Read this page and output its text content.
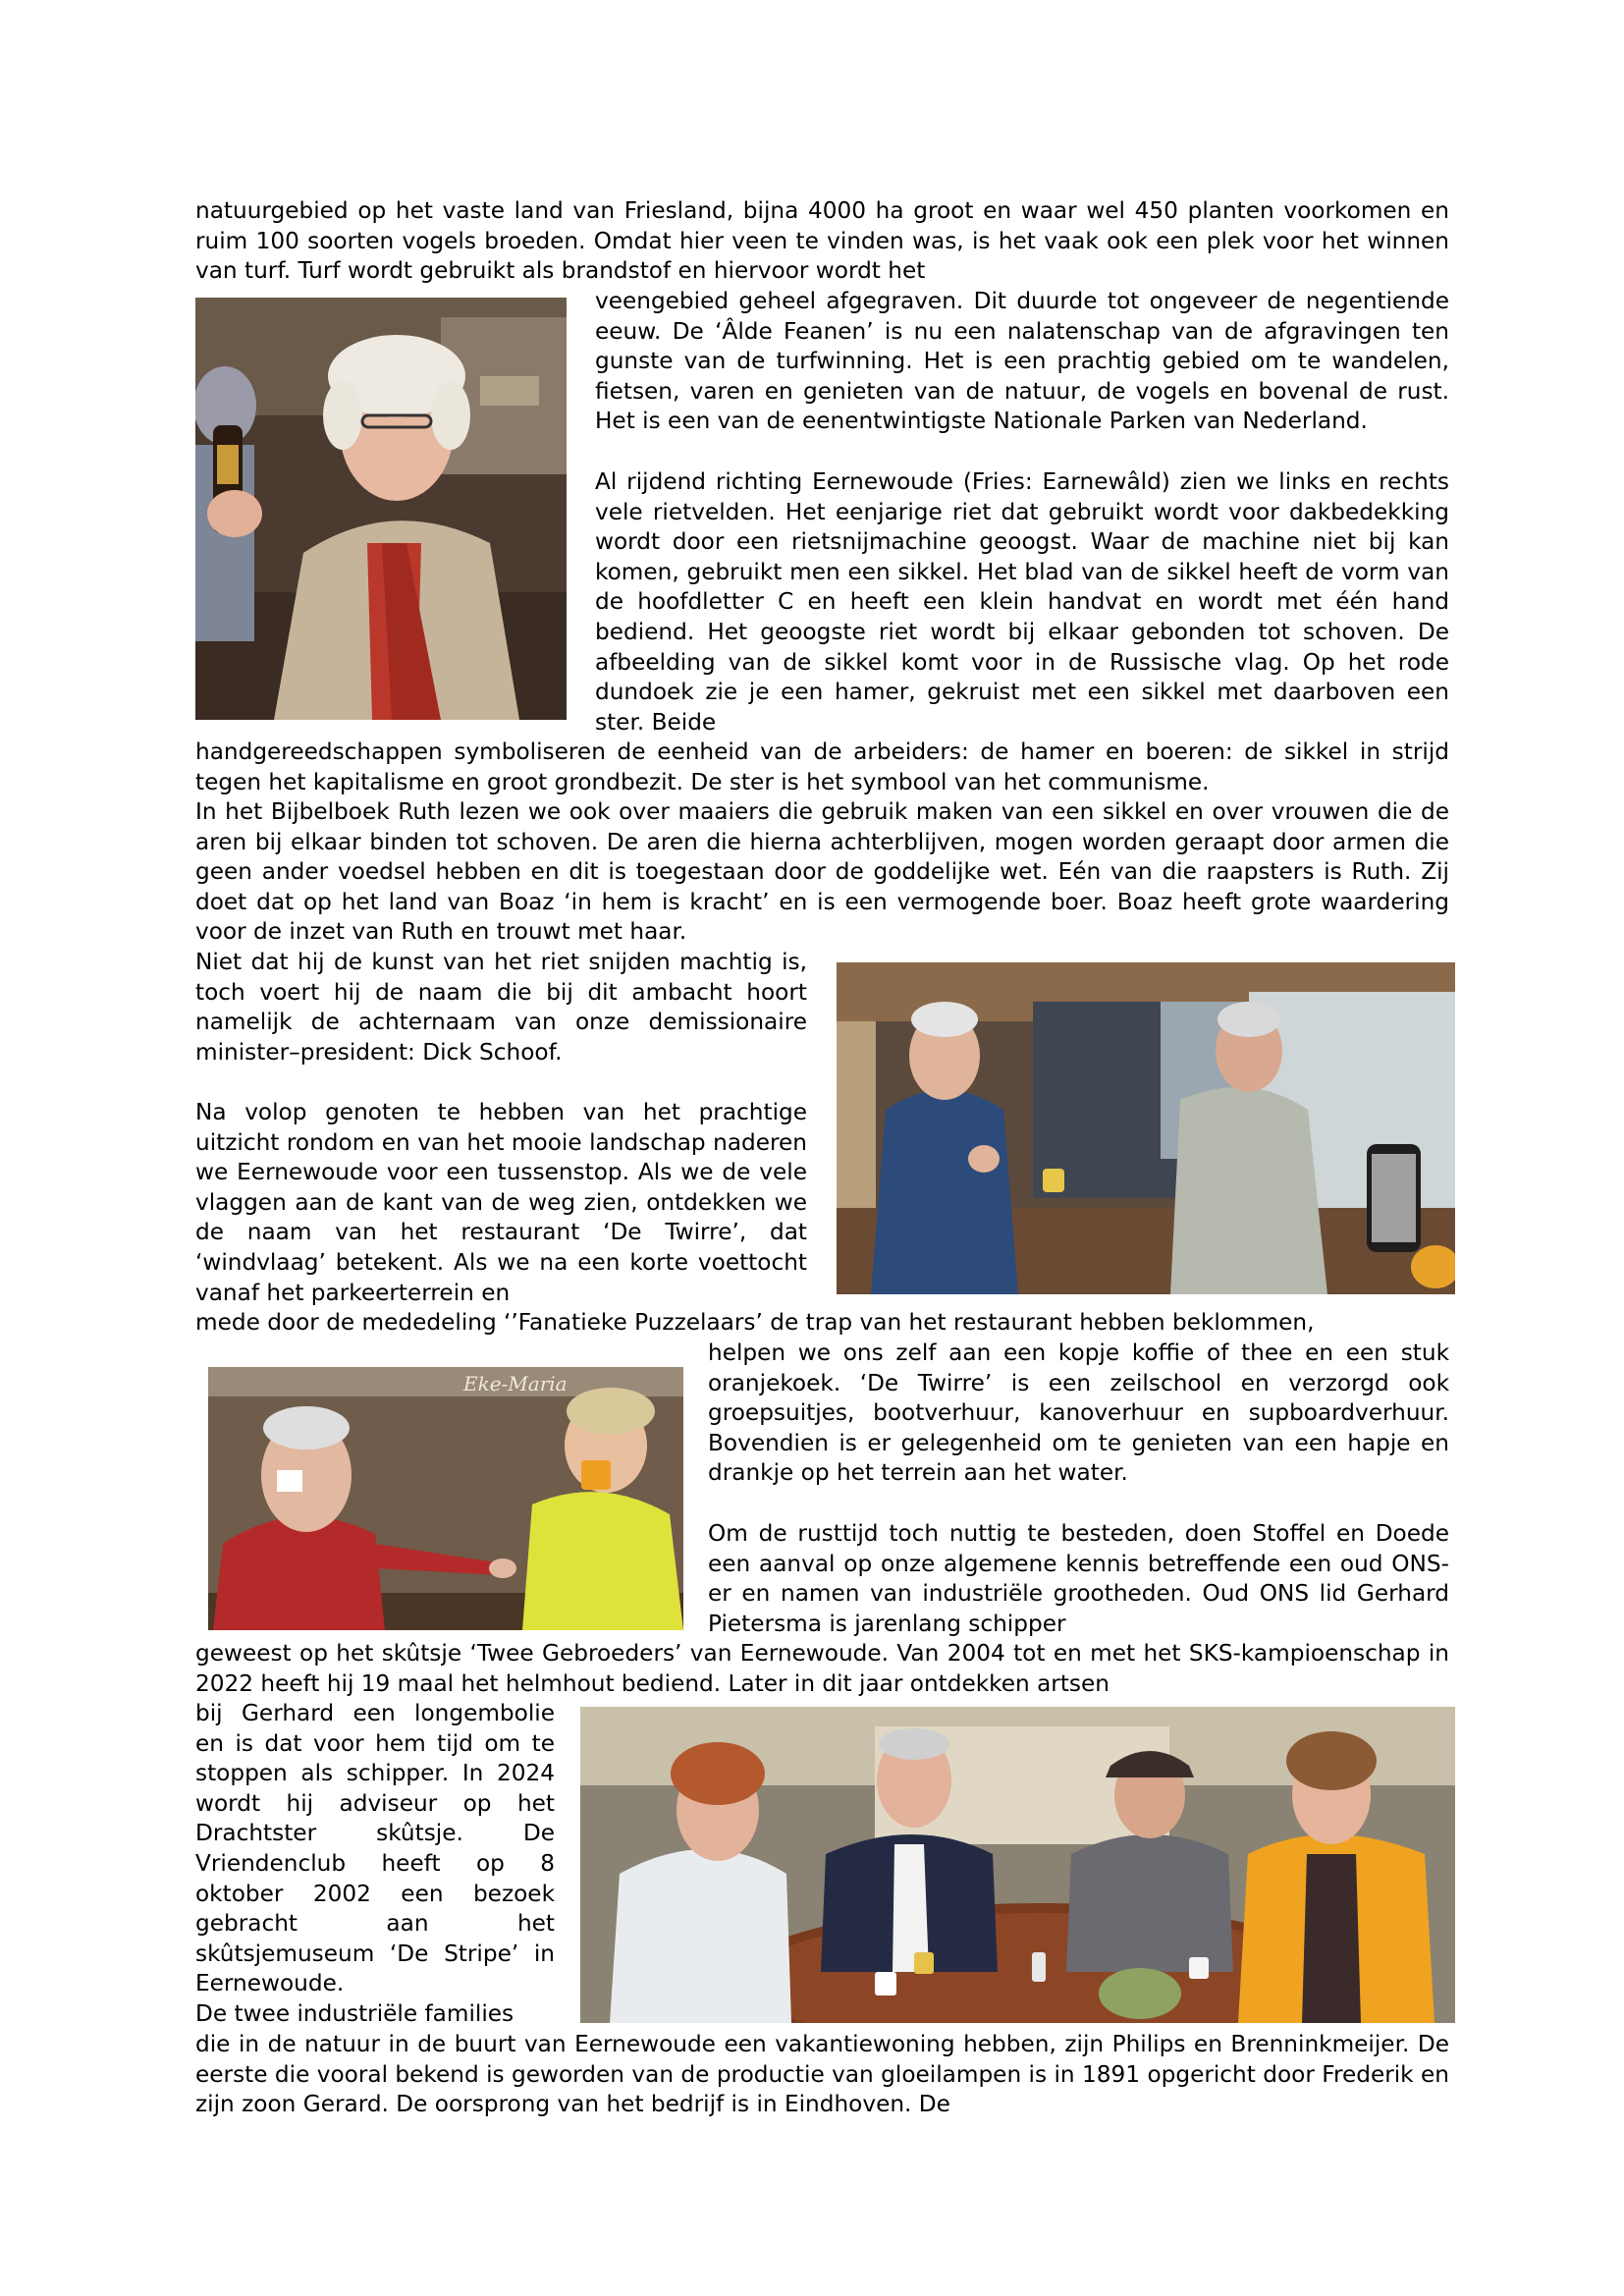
natuurgebied op het vaste land van Friesland, bijna 4000 ha groot en waar wel 450 planten voorkomen en ruim 100 soorten vogels broeden. Omdat hier veen te vinden was, is het vaak ook een plek voor het winnen van turf. Turf wordt gebruikt als brandstof en hiervoor wordt het

veengebied geheel afgegraven. Dit duurde tot ongeveer de negentiende eeuw. De ‘Âlde Feanen’ is nu een nalatenschap van de afgravingen ten gunste van de turfwinning. Het is een prachtig gebied om te wandelen, fietsen, varen en genieten van de natuur, de vogels en bovenal de rust. Het is een van de eenentwintigste Nationale Parken van Nederland.

Al rijdend richting Eernewoude (Fries: Earnewâld) zien we links en rechts vele rietvelden. Het eenjarige riet dat gebruikt wordt voor dakbedekking wordt door een rietsnijmachine geoogst. Waar de machine niet bij kan komen, gebruikt men een sikkel. Het blad van de sikkel heeft de vorm van de hoofdletter C en heeft een klein handvat en wordt met één hand bediend. Het geoogste riet wordt bij elkaar gebonden tot schoven. De afbeelding van de sikkel komt voor in de Russische vlag. Op het rode dundoek zie je een hamer, gekruist met een sikkel met daarboven een ster. Beide

handgereedschappen symboliseren de eenheid van de arbeiders: de hamer en boeren: de sikkel in strijd tegen het kapitalisme en groot grondbezit. De ster is het symbool van het communisme.

In het Bijbelboek Ruth lezen we ook over maaiers die gebruik maken van een sikkel en over vrouwen die de aren bij elkaar binden tot schoven. De aren die hierna achterblijven, mogen worden geraapt door armen die geen ander voedsel hebben en dit is toegestaan door de goddelijke wet. Eén van die raapsters is Ruth. Zij doet dat op het land van Boaz ‘in hem is kracht’ en is een vermogende boer. Boaz heeft grote waardering voor de inzet van Ruth en trouwt met haar.

Niet dat hij de kunst van het riet snijden machtig is, toch voert hij de naam die bij dit ambacht hoort namelijk de achternaam van onze demissionaire minister–president: Dick Schoof.

Na volop genoten te hebben van het prachtige uitzicht rondom en van het mooie landschap naderen we Eernewoude voor een tussenstop. Als we de vele vlaggen aan de kant van de weg zien, ontdekken we de naam van het restaurant ‘De Twirre’, dat ‘windvlaag’ betekent. Als we na een korte voettocht vanaf het parkeerterrein en

mede door de mededeling ‘’Fanatieke Puzzelaars’ de trap van het restaurant hebben beklommen,

helpen we ons zelf aan een kopje koffie of thee en een stuk oranjekoek. ‘De Twirre’ is een zeilschool en verzorgd ook groepsuitjes, bootverhuur, kanoverhuur en supboardverhuur. Bovendien is er gelegenheid om te genieten van een hapje en drankje op het terrein aan het water.

Om de rusttijd toch nuttig te besteden, doen Stoffel en Doede een aanval op onze algemene kennis betreffende een oud ONS-er en namen van industriële grootheden. Oud ONS lid Gerhard Pietersma is jarenlang schipper

geweest op het skûtsje ‘Twee Gebroeders’ van Eernewoude. Van 2004 tot en met het SKS-kampioenschap in 2022 heeft hij 19 maal het helmhout bediend. Later in dit jaar ontdekken artsen

bij Gerhard een longembolie en is dat voor hem tijd om te stoppen als schipper. In 2024 wordt hij adviseur op het Drachtster skûtsje. De Vriendenclub heeft op 8 oktober 2002 een bezoek gebracht aan het skûtsjemuseum ‘De Stripe’ in Eernewoude.

De twee industriële families

die in de natuur in de buurt van Eernewoude een vakantiewoning hebben, zijn Philips en Brenninkmeijer. De eerste die vooral bekend is geworden van de productie van gloeilampen is in 1891 opgericht door Frederik en zijn zoon Gerard. De oorsprong van het bedrijf is in Eindhoven. De

Eke-Maria
